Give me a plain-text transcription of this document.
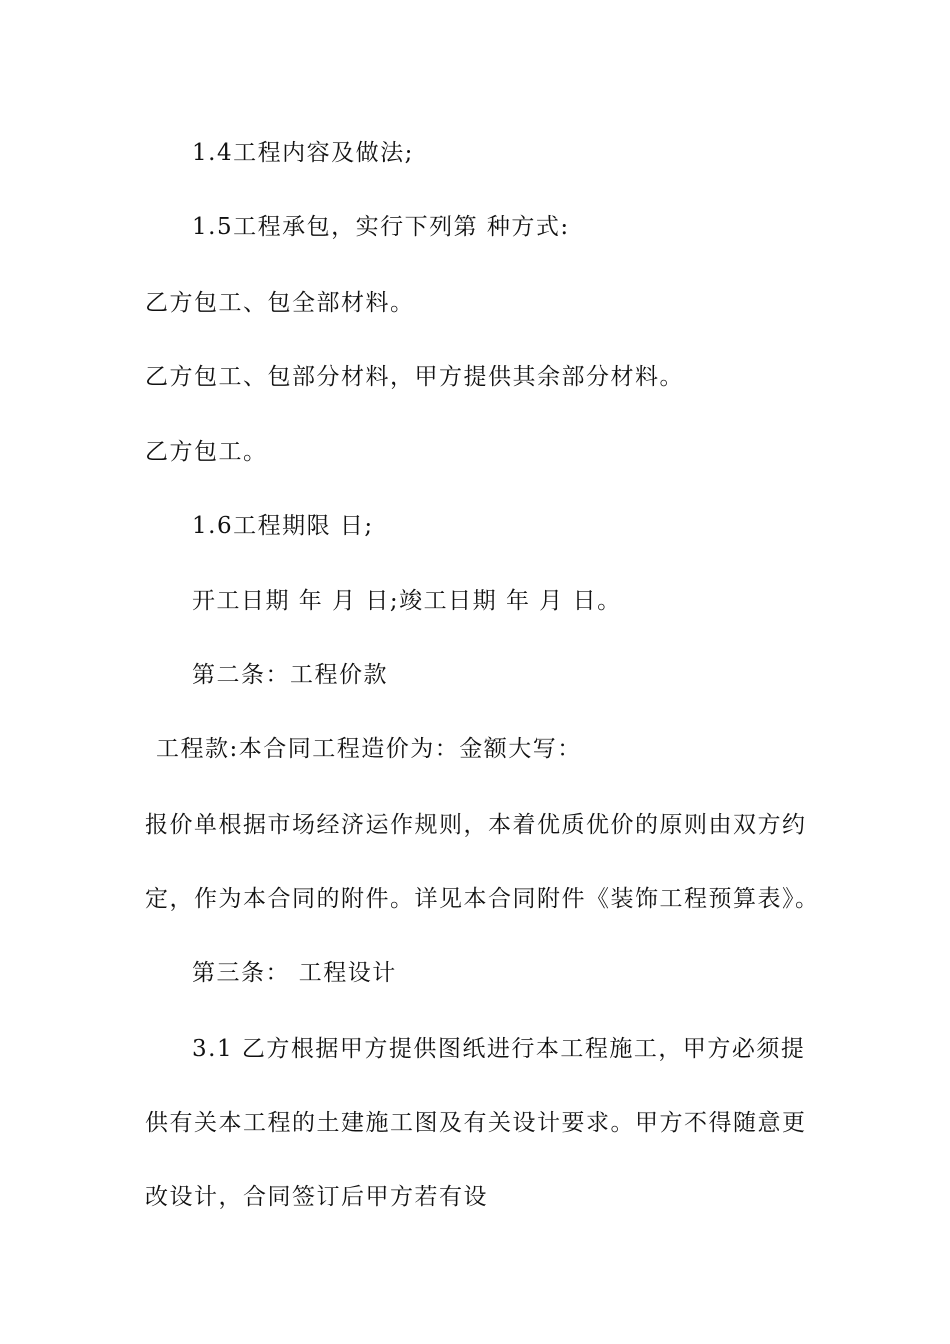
1.4工程内容及做法;
1.5工程承包，实行下列第 种方式:
乙方包工、包全部材料。
乙方包工、包部分材料，甲方提供其余部分材料。
乙方包工。
1.6工程期限 日;
开工日期 年 月 日;竣工日期 年 月 日。
第二条：工程价款
工程款:本合同工程造价为：金额大写：
报价单根据市场经济运作规则，本着优质优价的原则由双方约
定，作为本合同的附件。详见本合同附件《装饰工程预算表》。
第三条： 工程设计
3.1 乙方根据甲方提供图纸进行本工程施工，甲方必须提
供有关本工程的土建施工图及有关设计要求。甲方不得随意更
改设计，合同签订后甲方若有设
